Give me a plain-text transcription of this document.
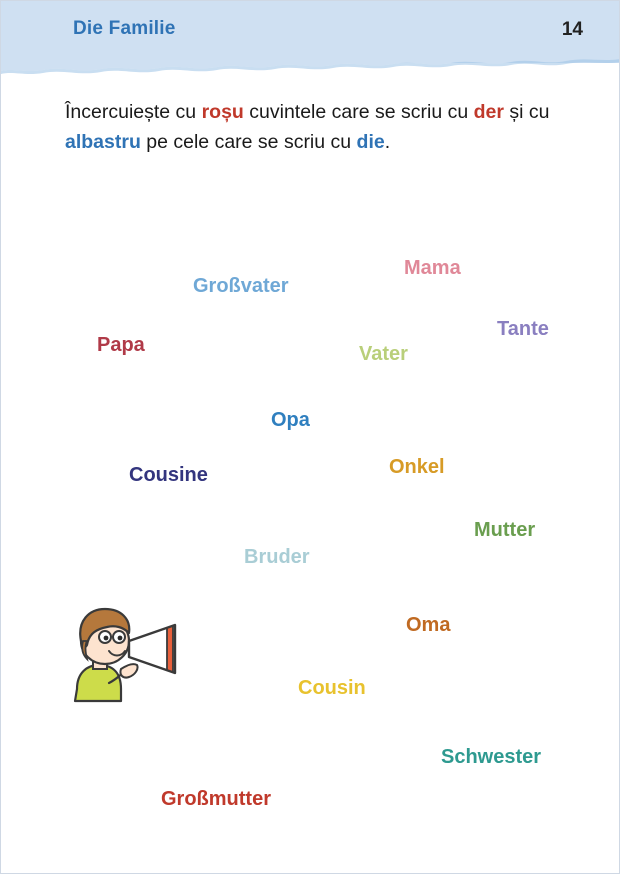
Die Familie	14
Încercuiește cu roșu cuvintele care se scriu cu der și cu albastru pe cele care se scriu cu die.
Mama
Großvater
Tante
Papa	Vater
Opa
Onkel
Cousine
Mutter
Bruder
Oma
Cousin
Schwester
Großmutter
